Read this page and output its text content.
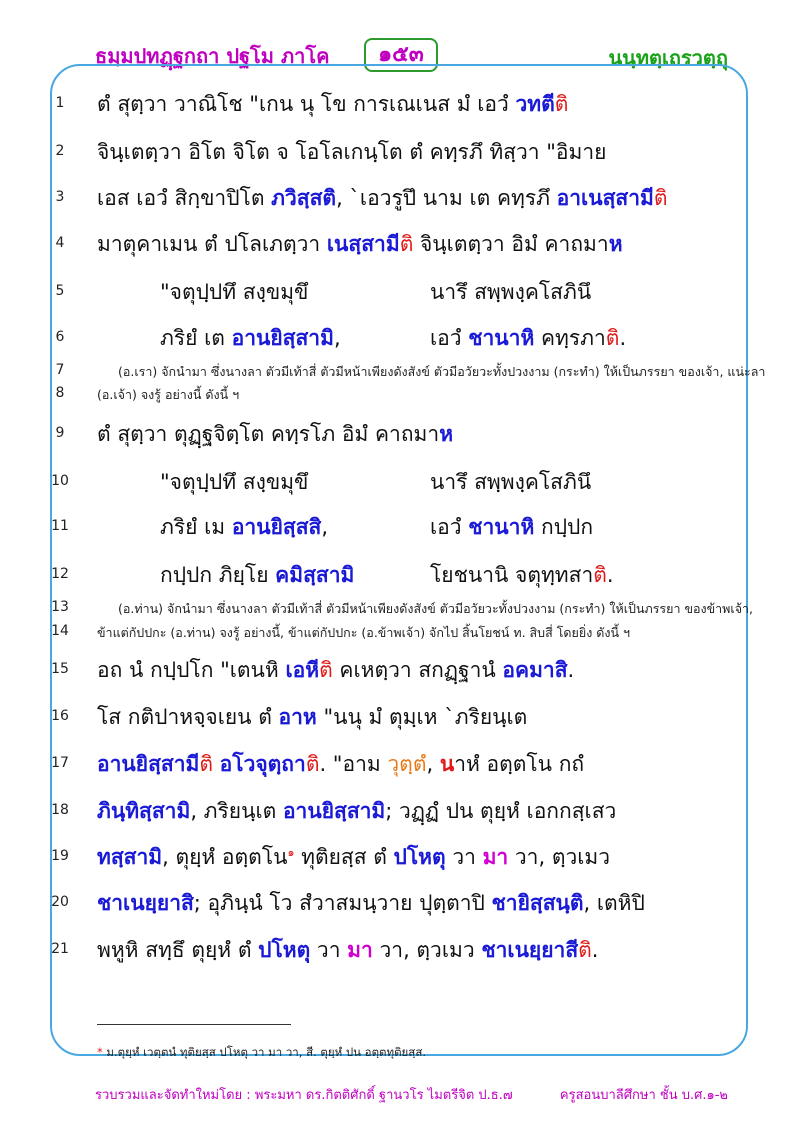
ธมฺมปทฏฺฐกถา ปฐโม ภาโค	๑๕๓	นนฺทตฺเถรวตฺถุ
1
2
3
4
5
6
7
8
9
10
11
12
13
14
15
16
17
18
19
20
21
ตํ สุตฺวา วาณิโช "เกน นุ โข การเณเนส มํ เอวํ วทตีติ
จินฺเตตฺวา อิโต จิโต จ โอโลเกนฺโต ตํ คทฺรภึ ทิสฺวา "อิมาย
เอส เอวํ สิกฺขาปิโต ภวิสฺสติ, `เอวรูปึ นาม เต คทฺรภึ อาเนสฺสามีติ
มาตุคาเมน ตํ ปโลเภตฺวา เนสฺสามีติ จินฺเตตฺวา อิมํ คาถมาห
"จตุปฺปทึ สงฺขมุขึ	นารึ สพฺพงฺคโสภินึ
ภริยํ เต อานยิสฺสามิ,	เอวํ ชานาหิ คทฺรภาติ.
(อ.เรา) จักนำมา ซึ่งนางลา ตัวมีเท้าสี่ ตัวมีหน้าเพียงดังสังข์ ตัวมีอวัยวะทั้งปวงงาม (กระทำ) ให้เป็นภรรยา ของเจ้า, แน่ะลา
(อ.เจ้า) จงรู้ อย่างนี้ ดังนี้ ฯ
ตํ สุตฺวา ตุฏฺฐจิตฺโต คทฺรโภ อิมํ คาถมาห
"จตุปฺปทึ สงฺขมุขึ	นารึ สพฺพงฺคโสภินึ
ภริยํ เม อานยิสฺสสิ,	เอวํ ชานาหิ กปฺปก
กปฺปก ภิยฺโย คมิสฺสามิ	โยชนานิ จตุทฺทสาติ.
(อ.ท่าน) จักนำมา ซึ่งนางลา ตัวมีเท้าสี่ ตัวมีหน้าเพียงดังสังข์ ตัวมีอวัยวะทั้งปวงงาม (กระทำ) ให้เป็นภรรยา ของข้าพเจ้า,
ข้าแต่กัปปกะ (อ.ท่าน) จงรู้ อย่างนี้, ข้าแต่กัปปกะ (อ.ข้าพเจ้า) จักไป สิ้นโยชน์ ท. สิบสี่ โดยยิ่ง ดังนี้ ฯ
อถ นํ กปฺปโก "เตนหิ เอหีติ คเหตฺวา สกฏฺฐานํ อคมาสิ.
โส กติปาหจฺจเยน ตํ อาห "นนุ มํ ตุมฺเห `ภริยนฺเต
อานยิสฺสามีติ อโวจุตฺถาติ. "อาม วุตฺตํ, นาหํ อตฺตโน กถํ
ภินฺทิสฺสามิ, ภริยนฺเต อานยิสฺสามิ; วฏฺฏํ ปน ตุยฺหํ เอกกสฺเสว
ทสฺสามิ, ตุยฺหํ อตฺตโน$^๑$ ทุติยสฺส ตํ ปโหตุ วา มา วา, ตฺวเมว
ชาเนยฺยาสิ; อุภินฺนํ โว สํวาสมนฺวาย ปุตฺตาปิ ชายิสฺสนฺติ, เตหิปิ
พหูหิ สทฺธึ ตุยฺหํ ตํ ปโหตุ วา มา วา, ตฺวเมว ชาเนยฺยาสีติ.
* ม.ตุยฺหํ เวตฺตนํ ทุติยสฺส ปโหตุ วา มา วา, สี. ตุยฺหํ ปน อตฺตทุติยสฺส.
รวบรวมและจัดทำใหม่โดย : พระมหา ดร.กิตติศักดิ์ ฐานวโร ไมตรีจิต ป.ธ.๗	ครูสอนบาลีศึกษา ชั้น บ.ศ.๑-๒
